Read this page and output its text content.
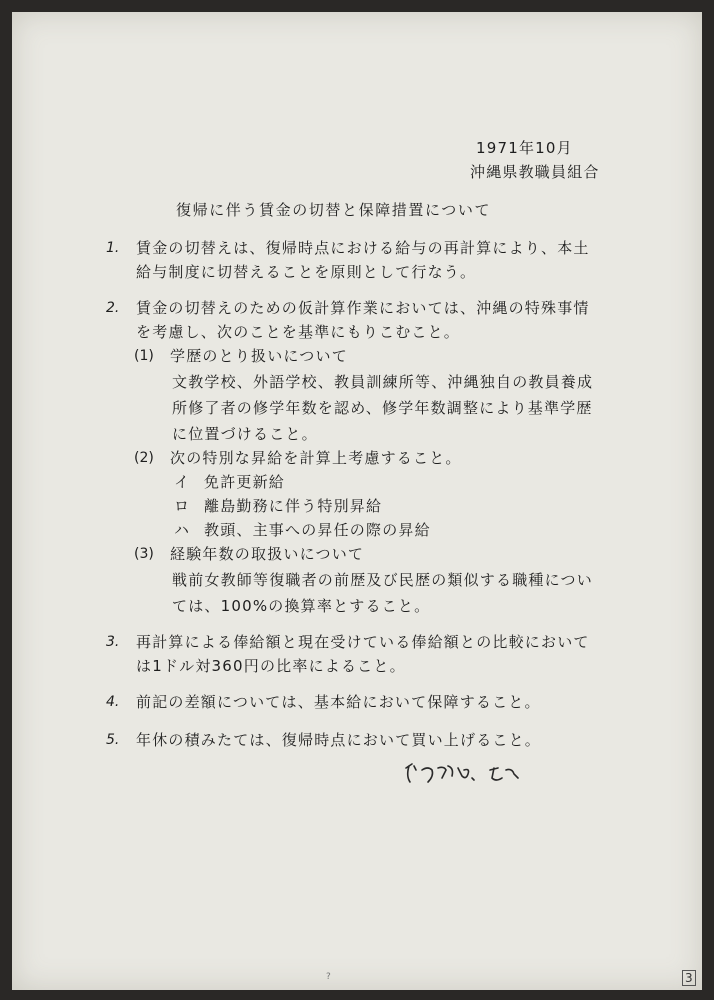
1971年10月
沖縄県教職員組合
復帰に伴う賃金の切替と保障措置について
1. 賃金の切替えは、復帰時点における給与の再計算により、本土
給与制度に切替えることを原則として行なう。
2. 賃金の切替えのための仮計算作業においては、沖縄の特殊事情
を考慮し、次のことを基準にもりこむこと。
(1) 学歴のとり扱いについて
文教学校、外語学校、教員訓練所等、沖縄独自の教員養成
所修了者の修学年数を認め、修学年数調整により基準学歴
に位置づけること。
(2) 次の特別な昇給を計算上考慮すること。
イ 免許更新給
ロ 離島勤務に伴う特別昇給
ハ 教頭、主事への昇任の際の昇給
(3) 経験年数の取扱いについて
戦前女教師等復職者の前歴及び民歴の類似する職種につい
ては、100%の換算率とすること。
3. 再計算による俸給額と現在受けている俸給額との比較において
は1ドル対360円の比率によること。
4. 前記の差額については、基本給において保障すること。
5. 年休の積みたては、復帰時点において買い上げること。
?	3
